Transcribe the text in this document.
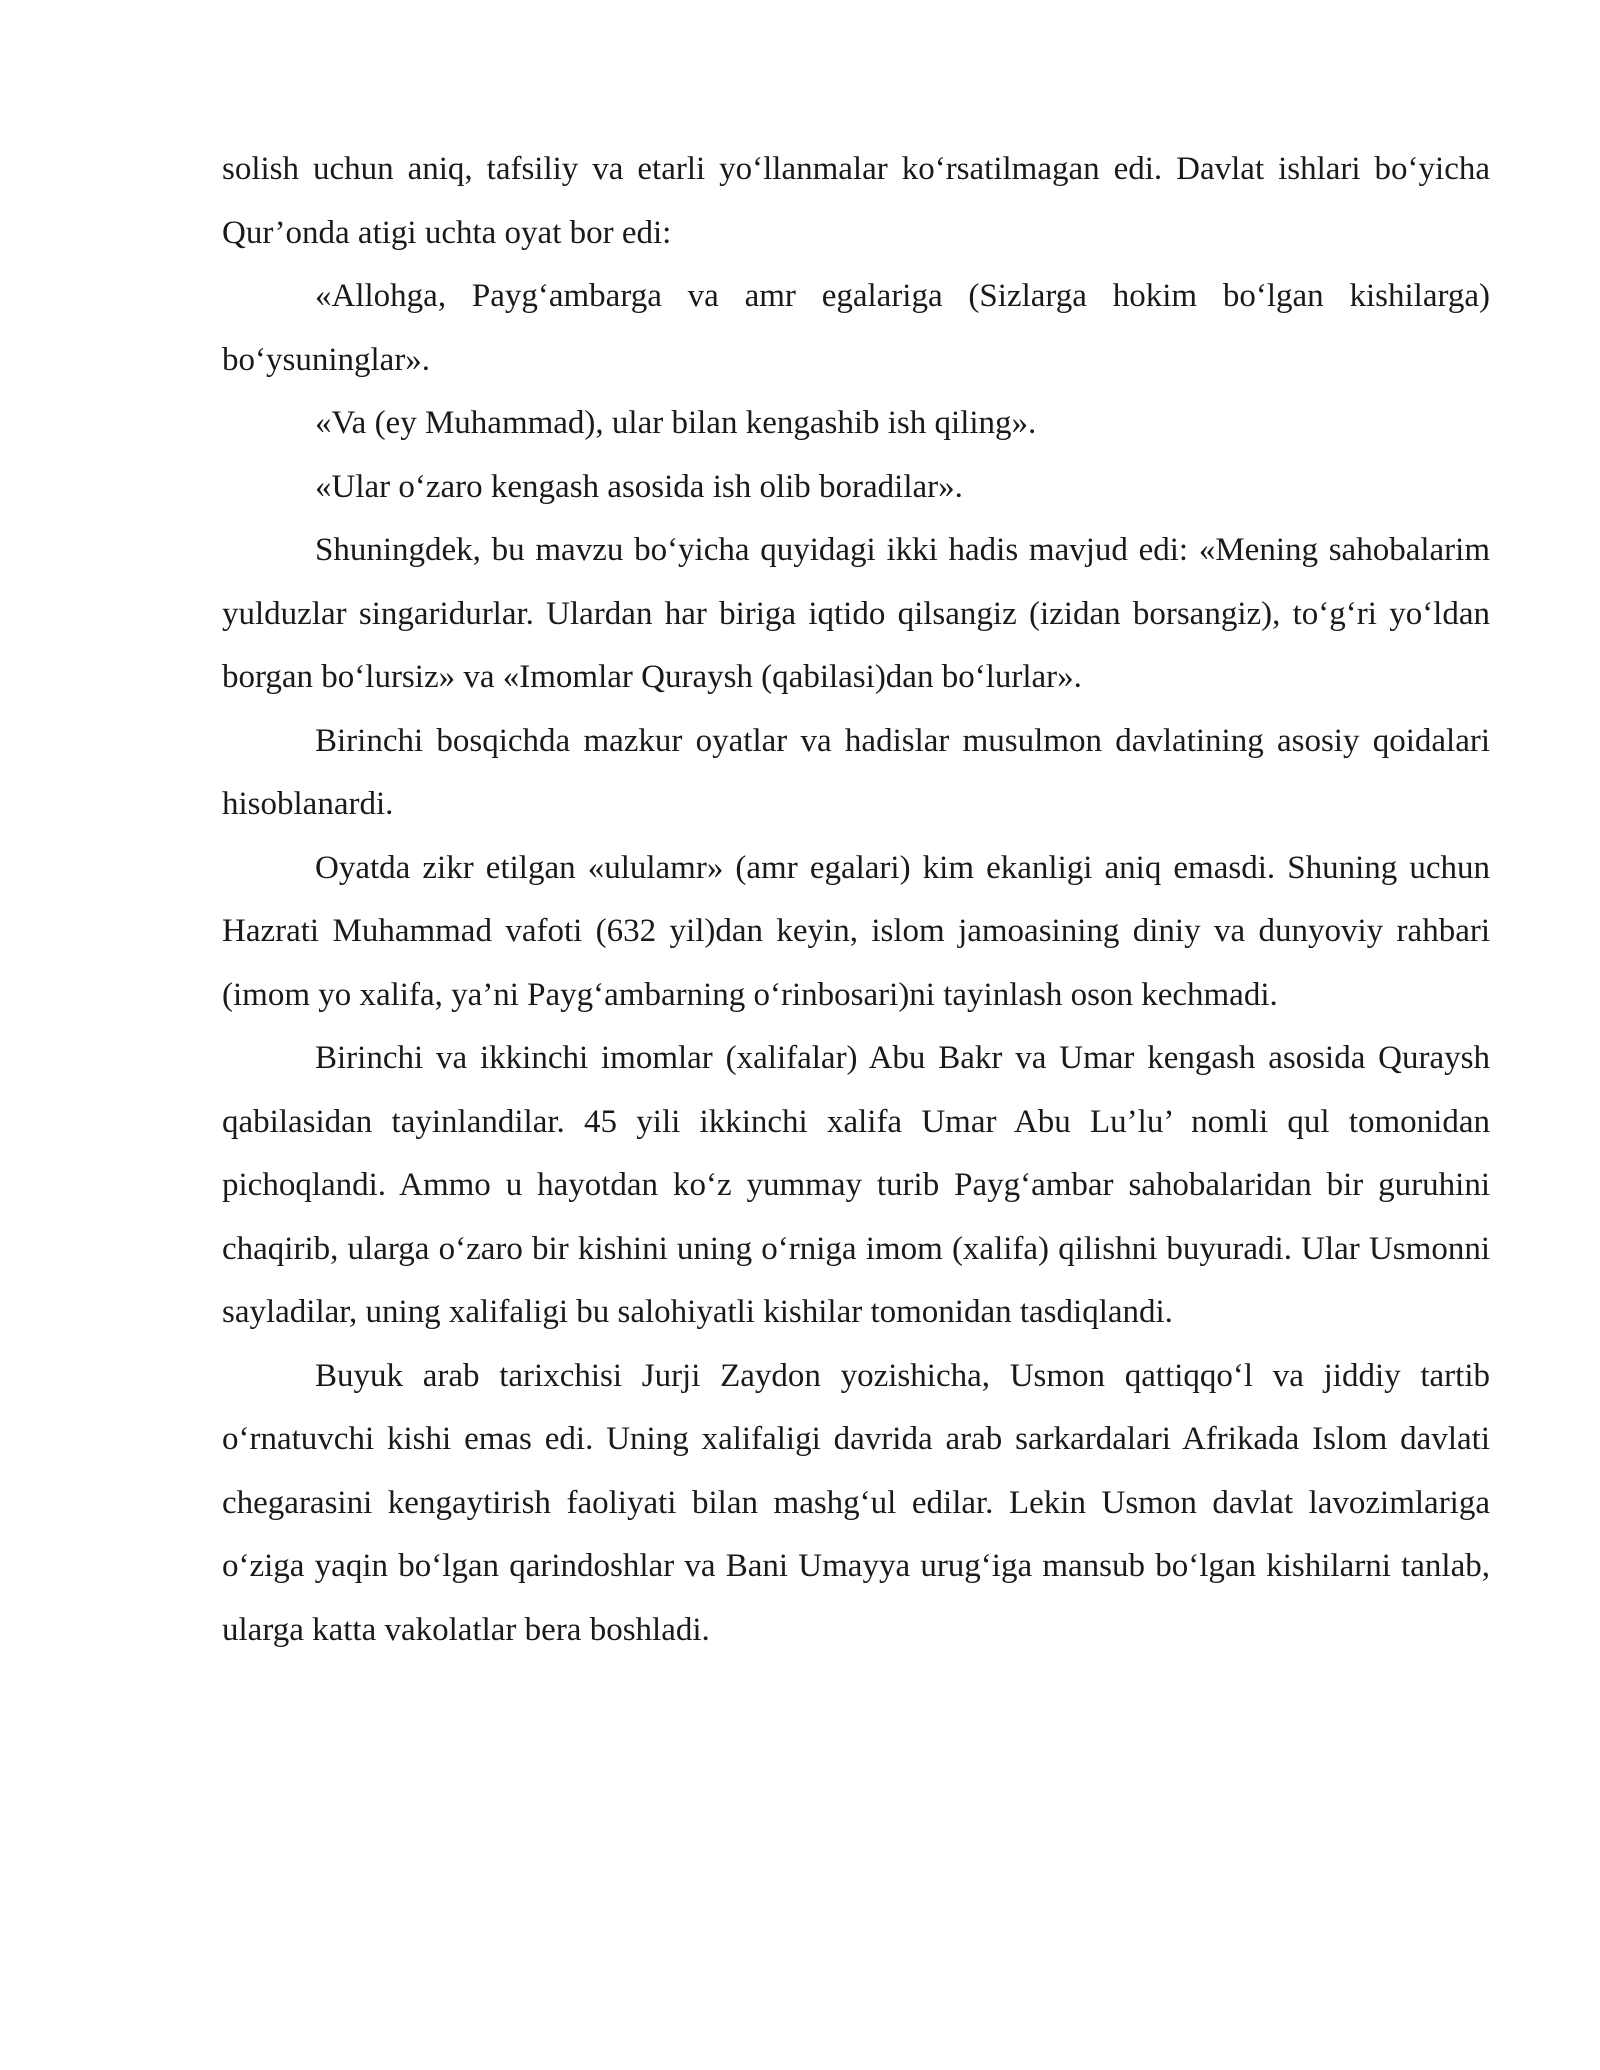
solish uchun aniq, tafsiliy va etarli yo‘llanmalar ko‘rsatilmagan edi. Davlat ishlari bo‘yicha Qur’onda atigi uchta oyat bor edi:

«Allohga, Payg‘ambarga va amr egalariga (Sizlarga hokim bo‘lgan kishilarga) bo‘ysuninglar».

«Va (ey Muhammad), ular bilan kengashib ish qiling».

«Ular o‘zaro kengash asosida ish olib boradilar».

Shuningdek, bu mavzu bo‘yicha quyidagi ikki hadis mavjud edi: «Mening sahobalarim yulduzlar singaridurlar. Ulardan har biriga iqtido qilsangiz (izidan borsangiz), to‘g‘ri yo‘ldan borgan bo‘lursiz» va «Imomlar Quraysh (qabilasi)dan bo‘lurlar».

Birinchi bosqichda mazkur oyatlar va hadislar musulmon davlatining asosiy qoidalari hisoblanardi.

Oyatda zikr etilgan «ululamr» (amr egalari) kim ekanligi aniq emasdi. Shuning uchun Hazrati Muhammad vafoti (632 yil)dan keyin, islom jamoasining diniy va dunyoviy rahbari (imom yo xalifa, ya’ni Payg‘ambarning o‘rinbosari)ni tayinlash oson kechmadi.

Birinchi va ikkinchi imomlar (xalifalar) Abu Bakr va Umar kengash asosida Quraysh qabilasidan tayinlandilar. 45 yili ikkinchi xalifa Umar Abu Lu’lu’ nomli qul tomonidan pichoqlandi. Ammo u hayotdan ko‘z yummay turib Payg‘ambar sahobalaridan bir guruhini chaqirib, ularga o‘zaro bir kishini uning o‘rniga imom (xalifa) qilishni buyuradi. Ular Usmonni sayladilar, uning xalifaligi bu salohiyatli kishilar tomonidan tasdiqlandi.

Buyuk arab tarixchisi Jurji Zaydon yozishicha, Usmon qattiqqo‘l va jiddiy tartib o‘rnatuvchi kishi emas edi. Uning xalifaligi davrida arab sarkardalari Afrikada Islom davlati chegarasini kengaytirish faoliyati bilan mashg‘ul edilar. Lekin Usmon davlat lavozimlariga o‘ziga yaqin bo‘lgan qarindoshlar va Bani Umayya urug‘iga mansub bo‘lgan kishilarni tanlab, ularga katta vakolatlar bera boshladi.
